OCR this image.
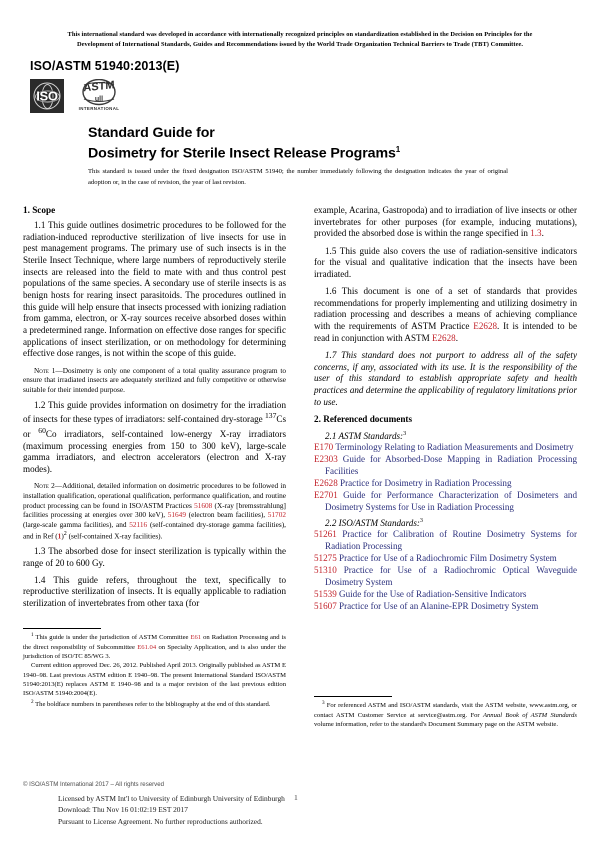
This international standard was developed in accordance with internationally recognized principles on standardization established in the Decision on Principles for the
Development of International Standards, Guides and Recommendations issued by the World Trade Organization Technical Barriers to Trade (TBT) Committee.
ISO/ASTM 51940:2013(E)
ISO
ASTM
ull
INTERNATIONAL
Standard Guide for
Dosimetry for Sterile Insect Release Programs$^1$
This standard is issued under the fixed designation ISO/ASTM 51940; the number immediately following the designation indicates the year of original adoption or, in the case of revision, the year of last revision.
1. Scope

1.1 This guide outlines dosimetric procedures to be followed for the radiation-induced reproductive sterilization of live insects for use in pest management programs. The primary use of such insects is in the Sterile Insect Technique, where large numbers of reproductively sterile insects are released into the field to mate with and thus control pest populations of the same species. A secondary use of sterile insects is as benign hosts for rearing insect parasitoids. The procedures outlined in this guide will help ensure that insects processed with ionizing radiation from gamma, electron, or X-ray sources receive absorbed doses within a predetermined range. Information on effective dose ranges for specific applications of insect sterilization, or on methodology for determining effective dose ranges, is not within the scope of this guide.

Note 1—Dosimetry is only one component of a total quality assurance program to ensure that irradiated insects are adequately sterilized and fully competitive or otherwise suitable for their intended purpose.

1.2 This guide provides information on dosimetry for the irradiation of insects for these types of irradiators: self-contained dry-storage $^{137}$Cs or $^{60}$Co irradiators, self-contained low-energy X-ray irradiators (maximum processing energies from 150 to 300 keV), large-scale gamma irradiators, and electron accelerators (electron and X-ray modes).

Note 2—Additional, detailed information on dosimetric procedures to be followed in installation qualification, operational qualification, performance qualification, and routine product processing can be found in ISO/ASTM Practices 51608 (X-ray [bremsstrahlung] facilities processing at energies over 300 keV), 51649 (electron beam facilities), 51702 (large-scale gamma facilities), and 52116 (self-contained dry-storage gamma facilities), and in Ref $(1)^2$ (self-contained X-ray facilities).

1.3 The absorbed dose for insect sterilization is typically within the range of 20 to 600 Gy.

1.4 This guide refers, throughout the text, specifically to reproductive sterilization of insects. It is equally applicable to radiation sterilization of invertebrates from other taxa (for

example, Acarina, Gastropoda) and to irradiation of live insects or other invertebrates for other purposes (for example, inducing mutations), provided the absorbed dose is within the range specified in 1.3.

1.5 This guide also covers the use of radiation-sensitive indicators for the visual and qualitative indication that the insects have been irradiated.

1.6 This document is one of a set of standards that provides recommendations for properly implementing and utilizing dosimetry in radiation processing and describes a means of achieving compliance with the requirements of ASTM Practice E2628. It is intended to be read in conjunction with ASTM E2628.

1.7 This standard does not purport to address all of the safety concerns, if any, associated with its use. It is the responsibility of the user of this standard to establish appropriate safety and health practices and determine the applicability of regulatory limitations prior to use.

2. Referenced documents
2.1 ASTM Standards:$^3$
E170 Terminology Relating to Radiation Measurements and Dosimetry
E2303 Guide for Absorbed-Dose Mapping in Radiation Processing Facilities
E2628 Practice for Dosimetry in Radiation Processing
E2701 Guide for Performance Characterization of Dosimeters and Dosimetry Systems for Use in Radiation Processing
2.2 ISO/ASTM Standards:$^3$
51261 Practice for Calibration of Routine Dosimetry Systems for Radiation Processing
51275 Practice for Use of a Radiochromic Film Dosimetry System
51310 Practice for Use of a Radiochromic Optical Waveguide Dosimetry System
51539 Guide for the Use of Radiation-Sensitive Indicators
51607 Practice for Use of an Alanine-EPR Dosimetry System

$^1$ This guide is under the jurisdiction of ASTM Committee E61 on Radiation Processing and is the direct responsibility of Subcommittee E61.04 on Specialty Application, and is also under the jurisdiction of ISO/TC 85/WG 3.

Current edition approved Dec. 26, 2012. Published April 2013. Originally published as ASTM E 1940–98. Last previous ASTM edition E 1940–98. The present International Standard ISO/ASTM 51940:2013(E) replaces ASTM E 1940–98 and is a major revision of the last previous edition ISO/ASTM 51940:2004(E).

$^2$ The boldface numbers in parentheses refer to the bibliography at the end of this standard.	$^3$ For referenced ASTM and ISO/ASTM standards, visit the ASTM website, www.astm.org, or contact ASTM Customer Service at service@astm.org. For Annual Book of ASTM Standards volume information, refer to the standard's Document Summary page on the ASTM website.

© ISO/ASTM International 2017 – All rights reserved
Licensed by ASTM Int'l to University of Edinburgh University of Edinburgh
Download: Thu Nov 16 01:02:19 EST 2017
Pursuant to License Agreement. No further reproductions authorized.
1
